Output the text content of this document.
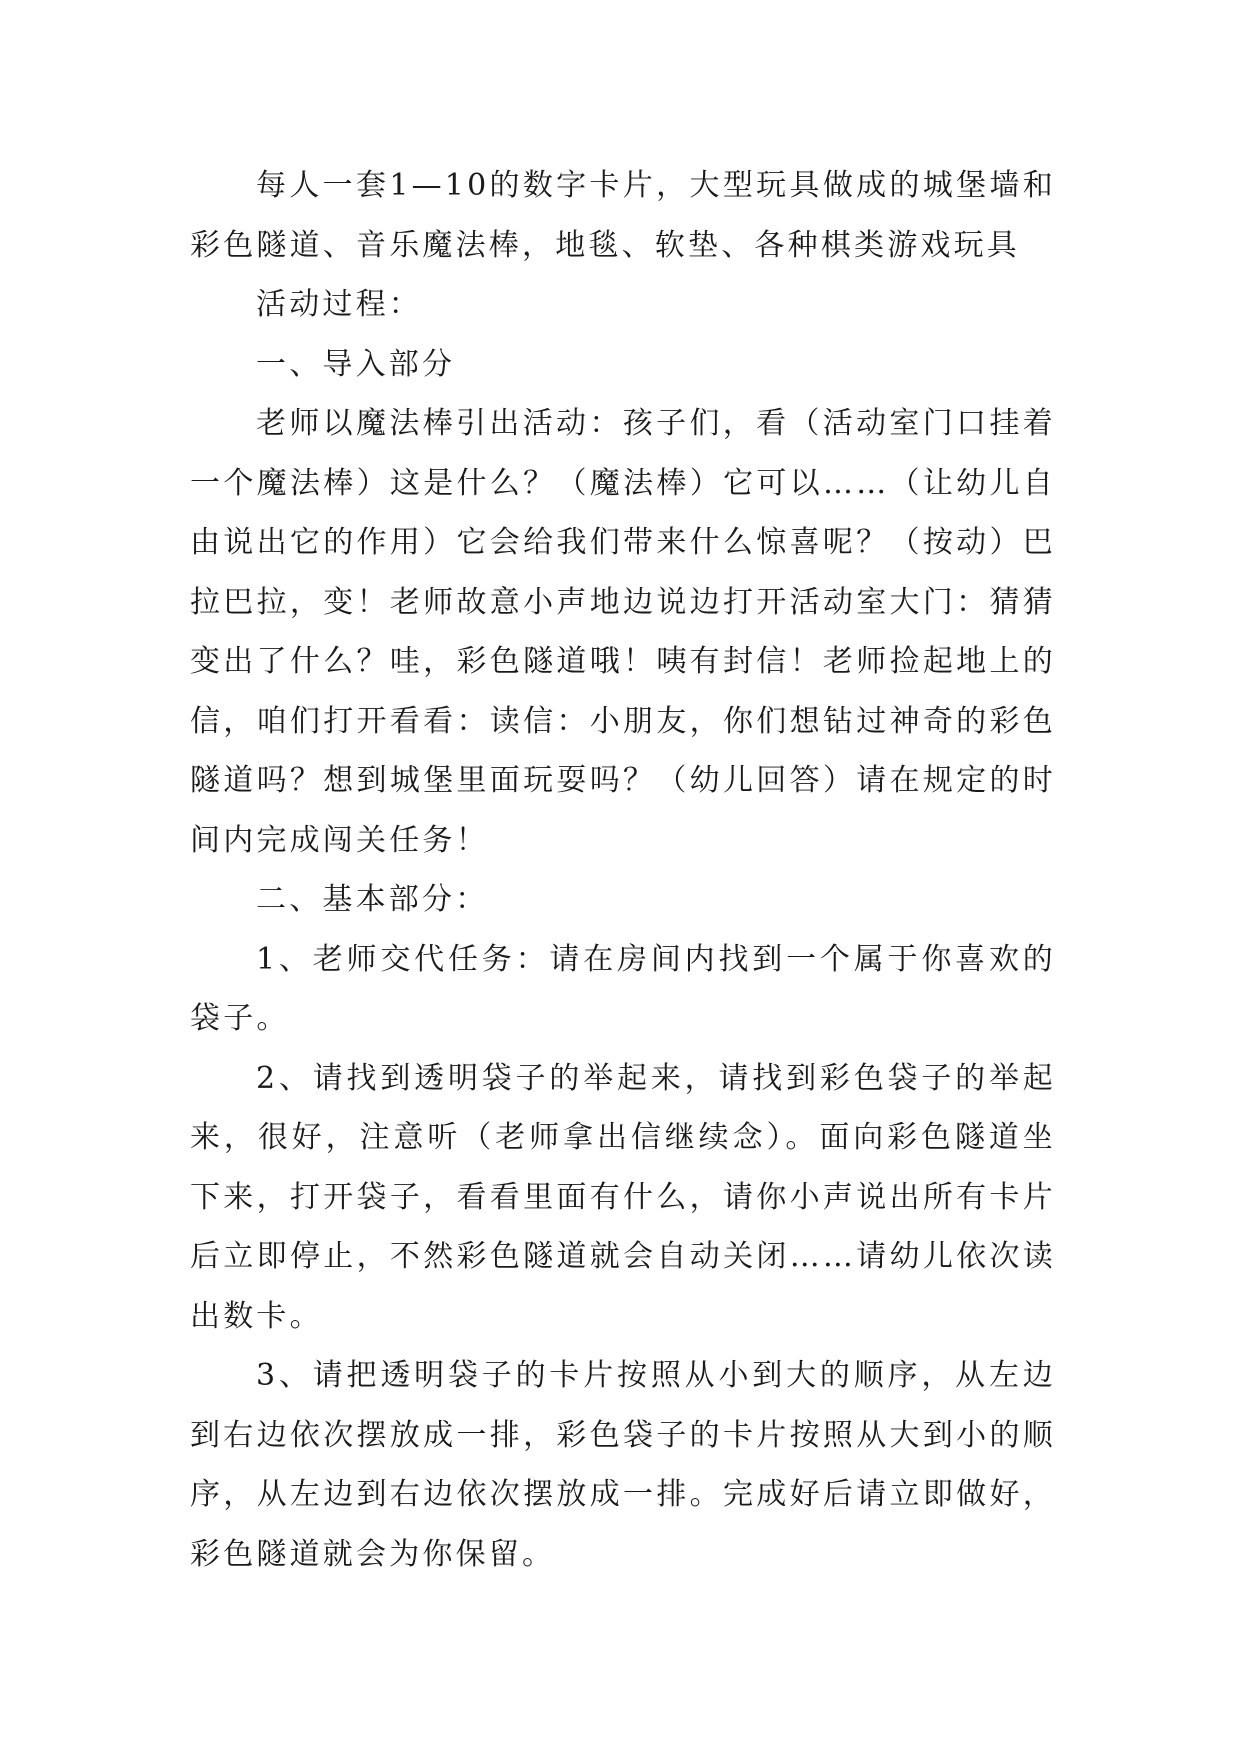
每人一套1—10的数字卡片，大型玩具做成的城堡墙和彩色隧道、音乐魔法棒，地毯、软垫、各种棋类游戏玩具

活动过程：

一、导入部分

老师以魔法棒引出活动：孩子们，看（活动室门口挂着一个魔法棒）这是什么？（魔法棒）它可以……（让幼儿自由说出它的作用）它会给我们带来什么惊喜呢？（按动）巴拉巴拉，变！老师故意小声地边说边打开活动室大门：猜猜变出了什么？哇，彩色隧道哦！咦有封信！老师捡起地上的信，咱们打开看看：读信：小朋友，你们想钻过神奇的彩色隧道吗？想到城堡里面玩耍吗？（幼儿回答）请在规定的时间内完成闯关任务！

二、基本部分：

1、老师交代任务：请在房间内找到一个属于你喜欢的袋子。

2、请找到透明袋子的举起来，请找到彩色袋子的举起来，很好，注意听（老师拿出信继续念）。面向彩色隧道坐下来，打开袋子，看看里面有什么，请你小声说出所有卡片后立即停止，不然彩色隧道就会自动关闭……请幼儿依次读出数卡。

3、请把透明袋子的卡片按照从小到大的顺序，从左边到右边依次摆放成一排，彩色袋子的卡片按照从大到小的顺序，从左边到右边依次摆放成一排。完成好后请立即做好，彩色隧道就会为你保留。
